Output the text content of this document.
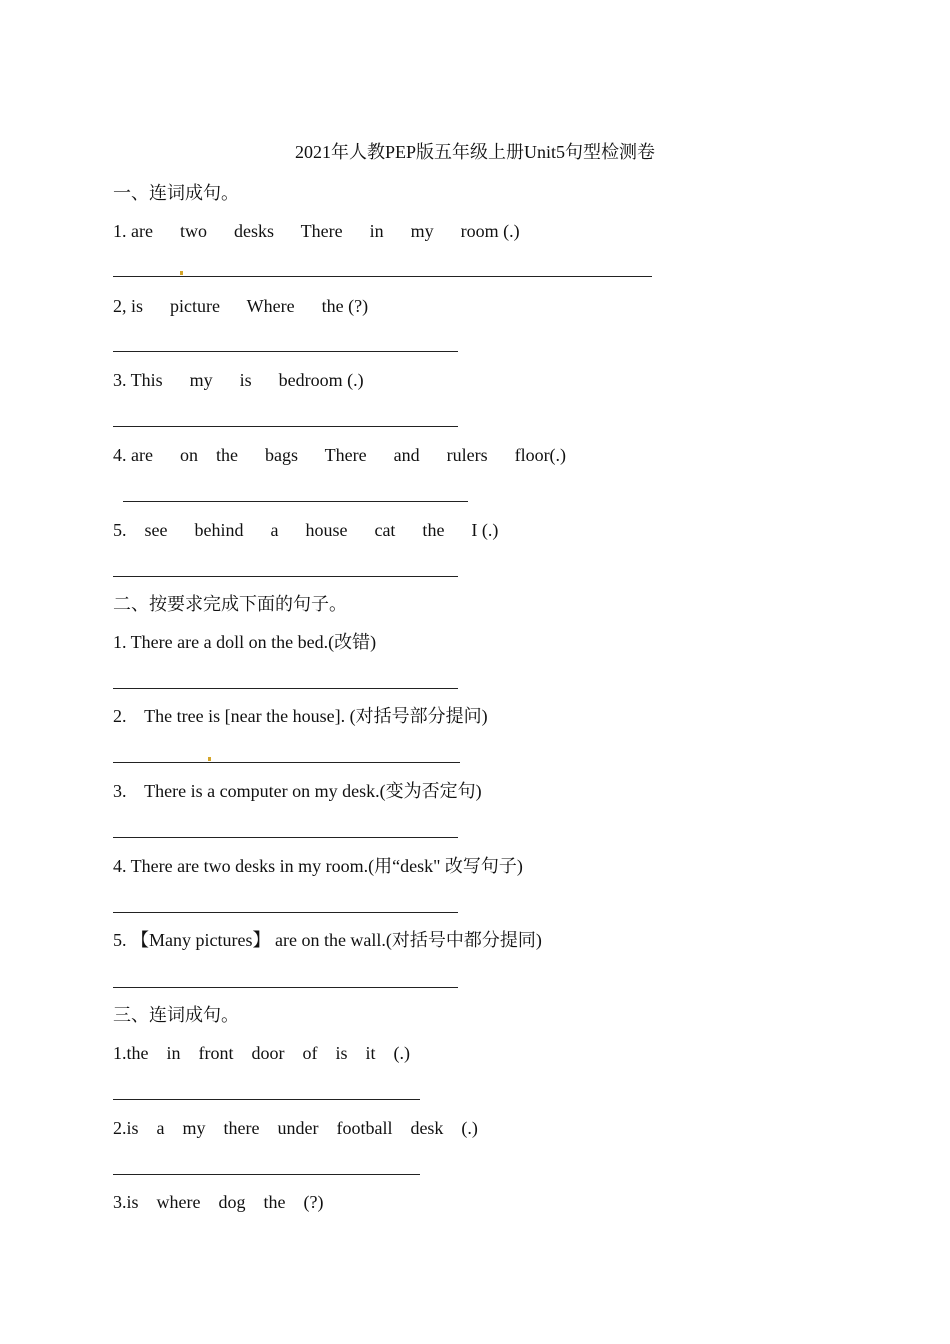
2021年人教PEP版五年级上册Unit5句型检测卷
一、连词成句。
1. are      two      desks      There      in      my      room (.)
2, is      picture      Where      the (?)
3. This      my      is      bedroom (.)
4. are      on    the      bags      There      and      rulers      floor(.)
5.    see      behind      a      house      cat      the      I (.)
二、按要求完成下面的句子。
1. There are a doll on the bed.(改错)
2.    The tree is [near the house]. (对括号部分提问)
3.    There is a computer on my desk.(变为否定句)
4. There are two desks in my room.(用“desk" 改写句子)
5. 【Many pictures】 are on the wall.(对括号中都分提同)
三、连词成句。
1.the    in    front    door    of    is    it    (.)
2.is    a    my    there    under    football    desk    (.)
3.is    where    dog    the    (?)
